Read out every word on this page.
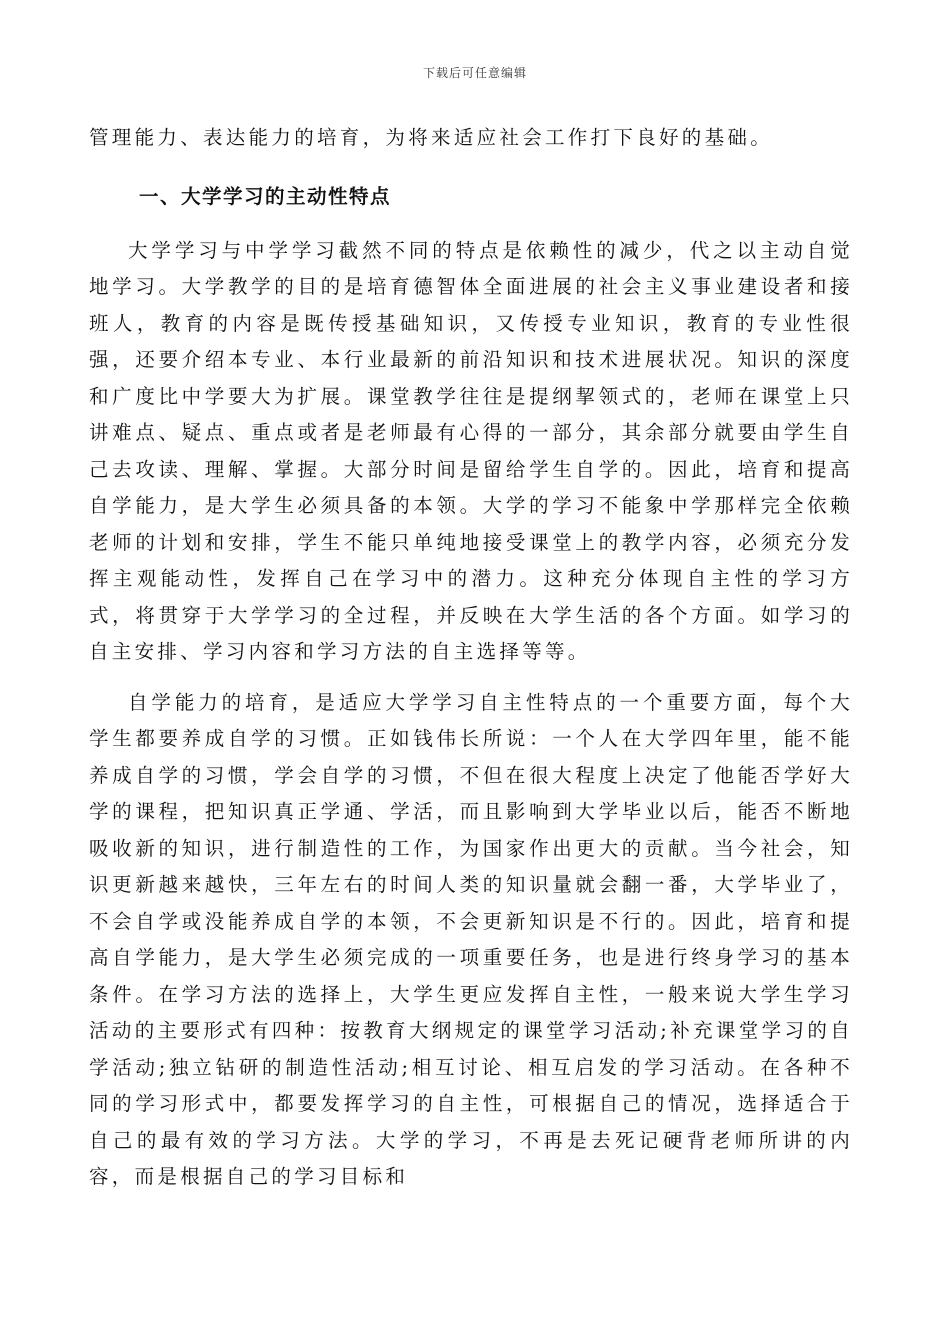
下载后可任意编辑

管理能力、表达能力的培育，为将来适应社会工作打下良好的基础。

一、大学学习的主动性特点

大学学习与中学学习截然不同的特点是依赖性的减少，代之以主动自觉地学习。大学教学的目的是培育德智体全面进展的社会主义事业建设者和接班人，教育的内容是既传授基础知识，又传授专业知识，教育的专业性很强，还要介绍本专业、本行业最新的前沿知识和技术进展状况。知识的深度和广度比中学要大为扩展。课堂教学往往是提纲挈领式的，老师在课堂上只讲难点、疑点、重点或者是老师最有心得的一部分，其余部分就要由学生自己去攻读、理解、掌握。大部分时间是留给学生自学的。因此，培育和提高自学能力，是大学生必须具备的本领。大学的学习不能象中学那样完全依赖老师的计划和安排，学生不能只单纯地接受课堂上的教学内容，必须充分发挥主观能动性，发挥自己在学习中的潜力。这种充分体现自主性的学习方式，将贯穿于大学学习的全过程，并反映在大学生活的各个方面。如学习的自主安排、学习内容和学习方法的自主选择等等。

自学能力的培育，是适应大学学习自主性特点的一个重要方面，每个大学生都要养成自学的习惯。正如钱伟长所说：一个人在大学四年里，能不能养成自学的习惯，学会自学的习惯，不但在很大程度上决定了他能否学好大学的课程，把知识真正学通、学活，而且影响到大学毕业以后，能否不断地吸收新的知识，进行制造性的工作，为国家作出更大的贡献。当今社会，知识更新越来越快，三年左右的时间人类的知识量就会翻一番，大学毕业了，不会自学或没能养成自学的本领，不会更新知识是不行的。因此，培育和提高自学能力，是大学生必须完成的一项重要任务，也是进行终身学习的基本条件。在学习方法的选择上，大学生更应发挥自主性，一般来说大学生学习活动的主要形式有四种：按教育大纲规定的课堂学习活动;补充课堂学习的自学活动;独立钻研的制造性活动;相互讨论、相互启发的学习活动。在各种不同的学习形式中，都要发挥学习的自主性，可根据自己的情况，选择适合于自己的最有效的学习方法。大学的学习，不再是去死记硬背老师所讲的内容，而是根据自己的学习目标和
